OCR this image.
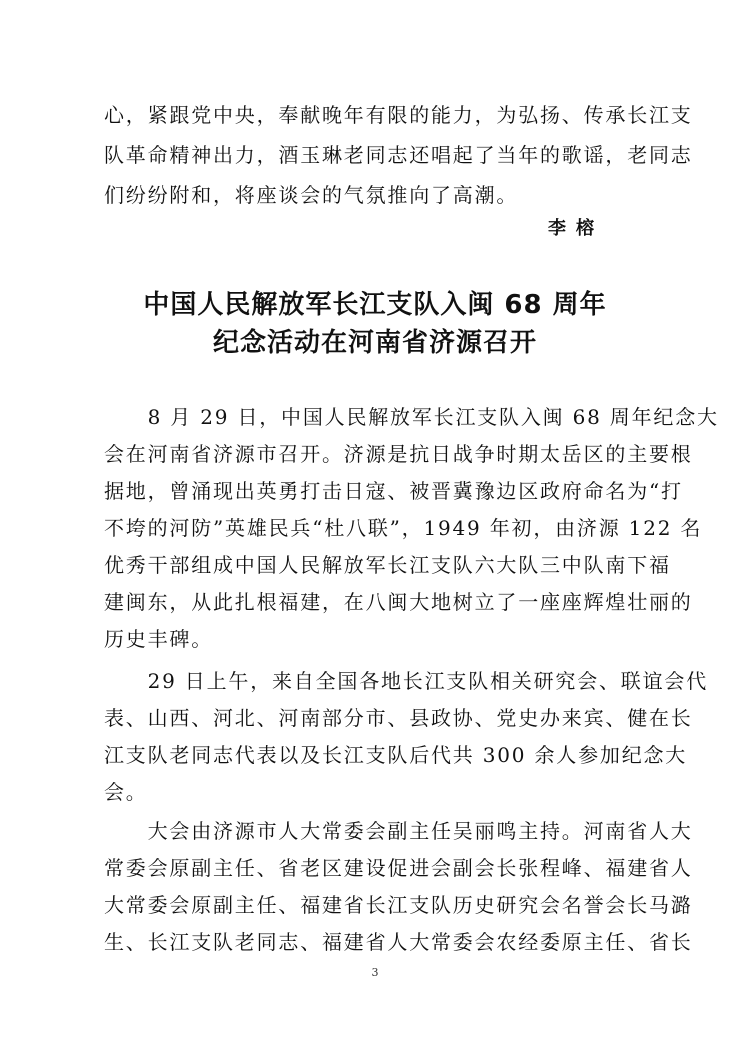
心，紧跟党中央，奉献晚年有限的能力，为弘扬、传承长江支
队革命精神出力，酒玉琳老同志还唱起了当年的歌谣，老同志
们纷纷附和，将座谈会的气氛推向了高潮。
李榕
中国人民解放军长江支队入闽 68 周年
纪念活动在河南省济源召开
　　8 月 29 日，中国人民解放军长江支队入闽 68 周年纪念大
会在河南省济源市召开。济源是抗日战争时期太岳区的主要根
据地，曾涌现出英勇打击日寇、被晋冀豫边区政府命名为“打
不垮的河防”英雄民兵“杜八联”，1949 年初，由济源 122 名
优秀干部组成中国人民解放军长江支队六大队三中队南下福
建闽东，从此扎根福建，在八闽大地树立了一座座辉煌壮丽的
历史丰碑。
　　29 日上午，来自全国各地长江支队相关研究会、联谊会代
表、山西、河北、河南部分市、县政协、党史办来宾、健在长
江支队老同志代表以及长江支队后代共 300 余人参加纪念大
会。
　　大会由济源市人大常委会副主任吴丽鸣主持。河南省人大
常委会原副主任、省老区建设促进会副会长张程峰、福建省人
大常委会原副主任、福建省长江支队历史研究会名誉会长马潞
生、长江支队老同志、福建省人大常委会农经委原主任、省长
3
